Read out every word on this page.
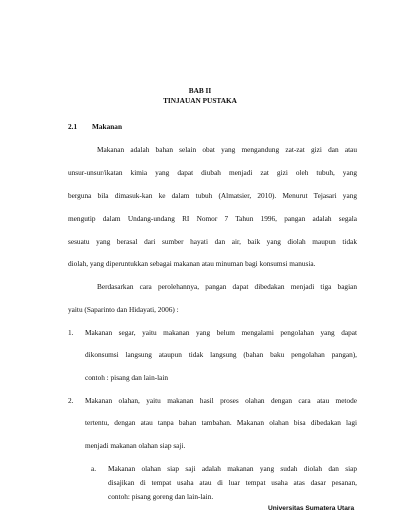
BAB II
TINJAUAN PUSTAKA
2.1 Makanan
Makanan adalah bahan selain obat yang mengandung zat-zat gizi dan atau
unsur-unsur/ikatan kimia yang dapat diubah menjadi zat gizi oleh tubuh, yang
berguna bila dimasuk-kan ke dalam tubuh (Almatsier, 2010). Menurut Tejasari yang
mengutip dalam Undang-undang RI Nomor 7 Tahun 1996, pangan adalah segala
sesuatu yang berasal dari sumber hayati dan air, baik yang diolah maupun tidak
diolah, yang diperuntukkan sebagai makanan atau minuman bagi konsumsi manusia.
Berdasarkan cara perolehannya, pangan dapat dibedakan menjadi tiga bagian
yaitu (Saparinto dan Hidayati, 2006) :
1. Makanan segar, yaitu makanan yang belum mengalami pengolahan yang dapat
dikonsumsi langsung ataupun tidak langsung (bahan baku pengolahan pangan),
contoh : pisang dan lain-lain
2. Makanan olahan, yaitu makanan hasil proses olahan dengan cara atau metode
tertentu, dengan atau tanpa bahan tambahan. Makanan olahan bisa dibedakan lagi
menjadi makanan olahan siap saji.
a. Makanan olahan siap saji adalah makanan yang sudah diolah dan siap
disajikan di tempat usaha atau di luar tempat usaha atas dasar pesanan,
contoh: pisang goreng dan lain-lain.
Universitas Sumatera Utara
